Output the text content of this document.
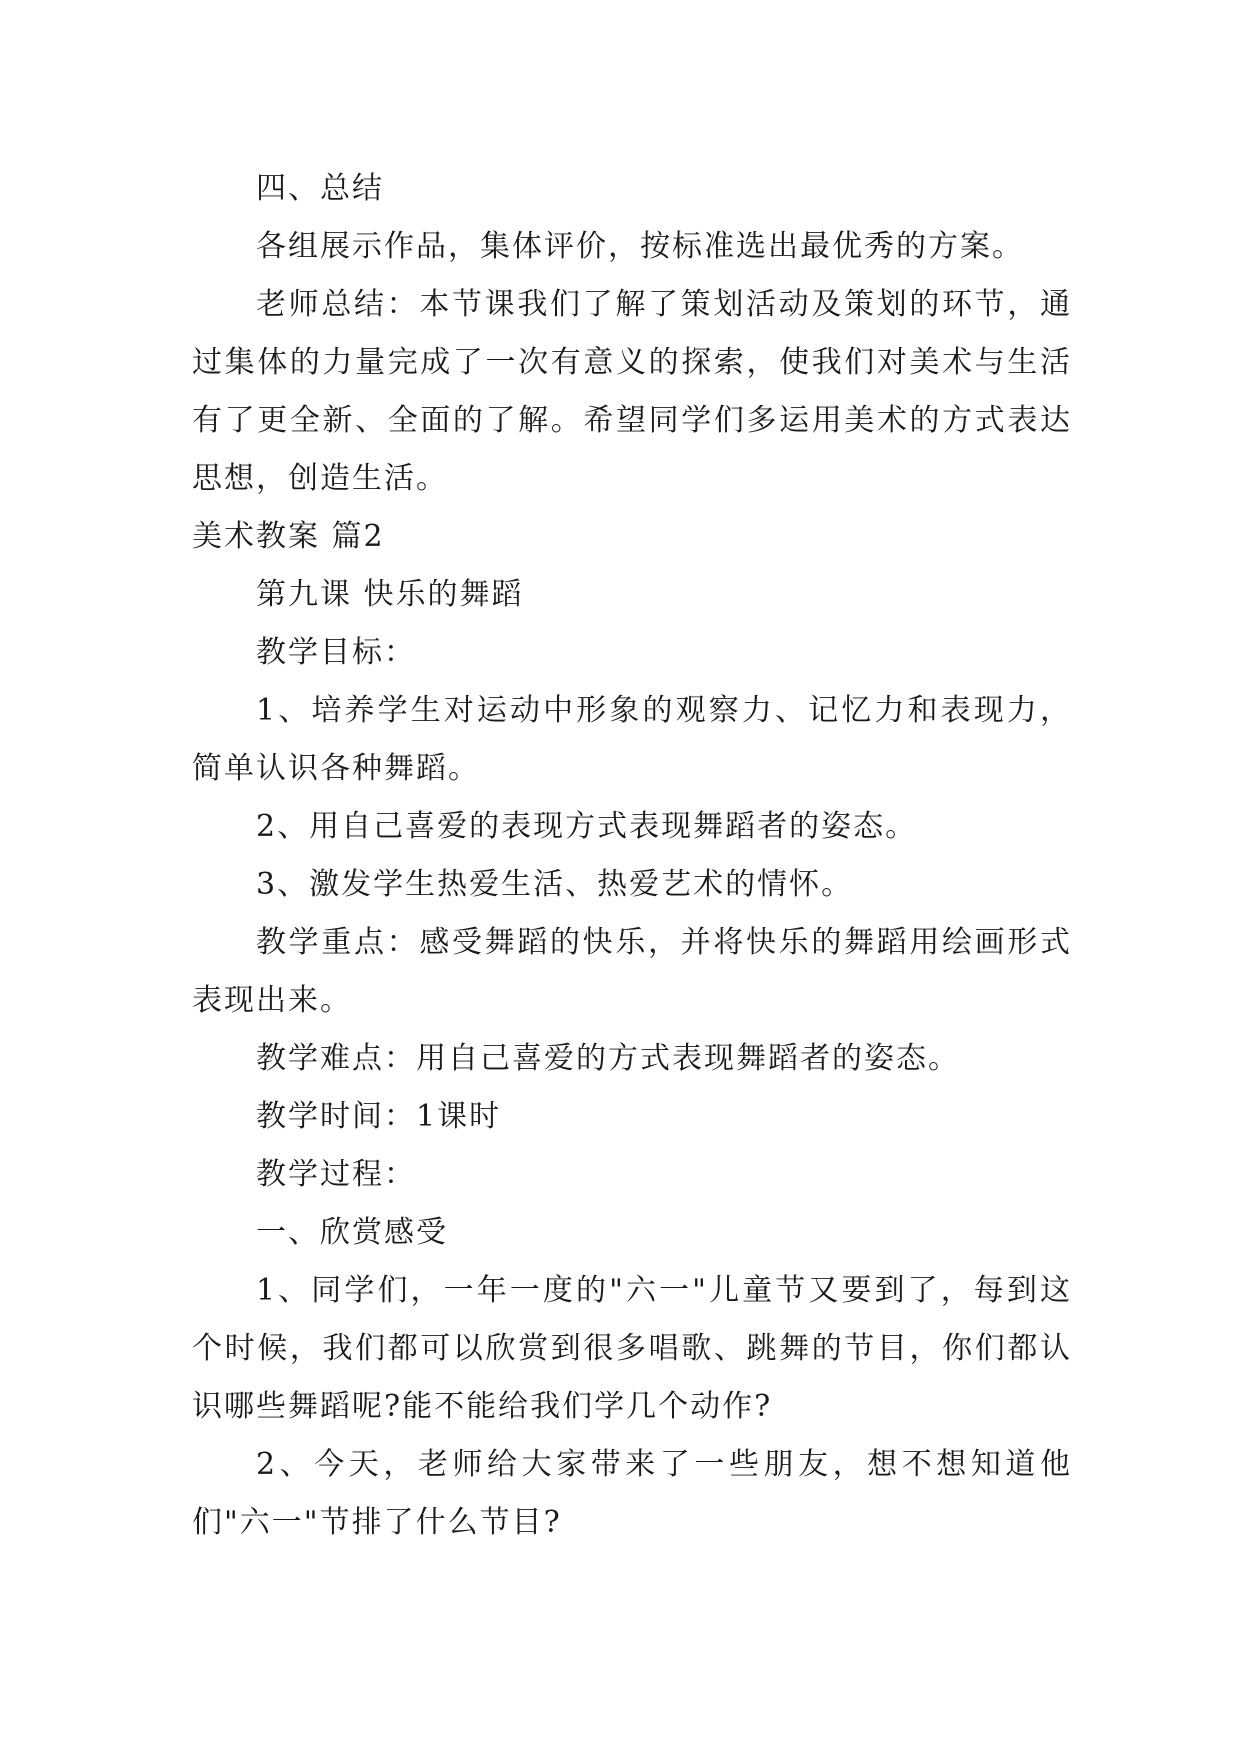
四、总结

各组展示作品，集体评价，按标准选出最优秀的方案。

老师总结：本节课我们了解了策划活动及策划的环节，通过集体的力量完成了一次有意义的探索，使我们对美术与生活有了更全新、全面的了解。希望同学们多运用美术的方式表达思想，创造生活。

美术教案 篇2

第九课 快乐的舞蹈

教学目标：

1、培养学生对运动中形象的观察力、记忆力和表现力，简单认识各种舞蹈。

2、用自己喜爱的表现方式表现舞蹈者的姿态。

3、激发学生热爱生活、热爱艺术的情怀。

教学重点：感受舞蹈的快乐，并将快乐的舞蹈用绘画形式表现出来。

教学难点：用自己喜爱的方式表现舞蹈者的姿态。

教学时间：1课时

教学过程：

一、欣赏感受

1、同学们，一年一度的"六一"儿童节又要到了，每到这个时候，我们都可以欣赏到很多唱歌、跳舞的节目，你们都认识哪些舞蹈呢?能不能给我们学几个动作?

2、今天，老师给大家带来了一些朋友，想不想知道他们"六一"节排了什么节目?
